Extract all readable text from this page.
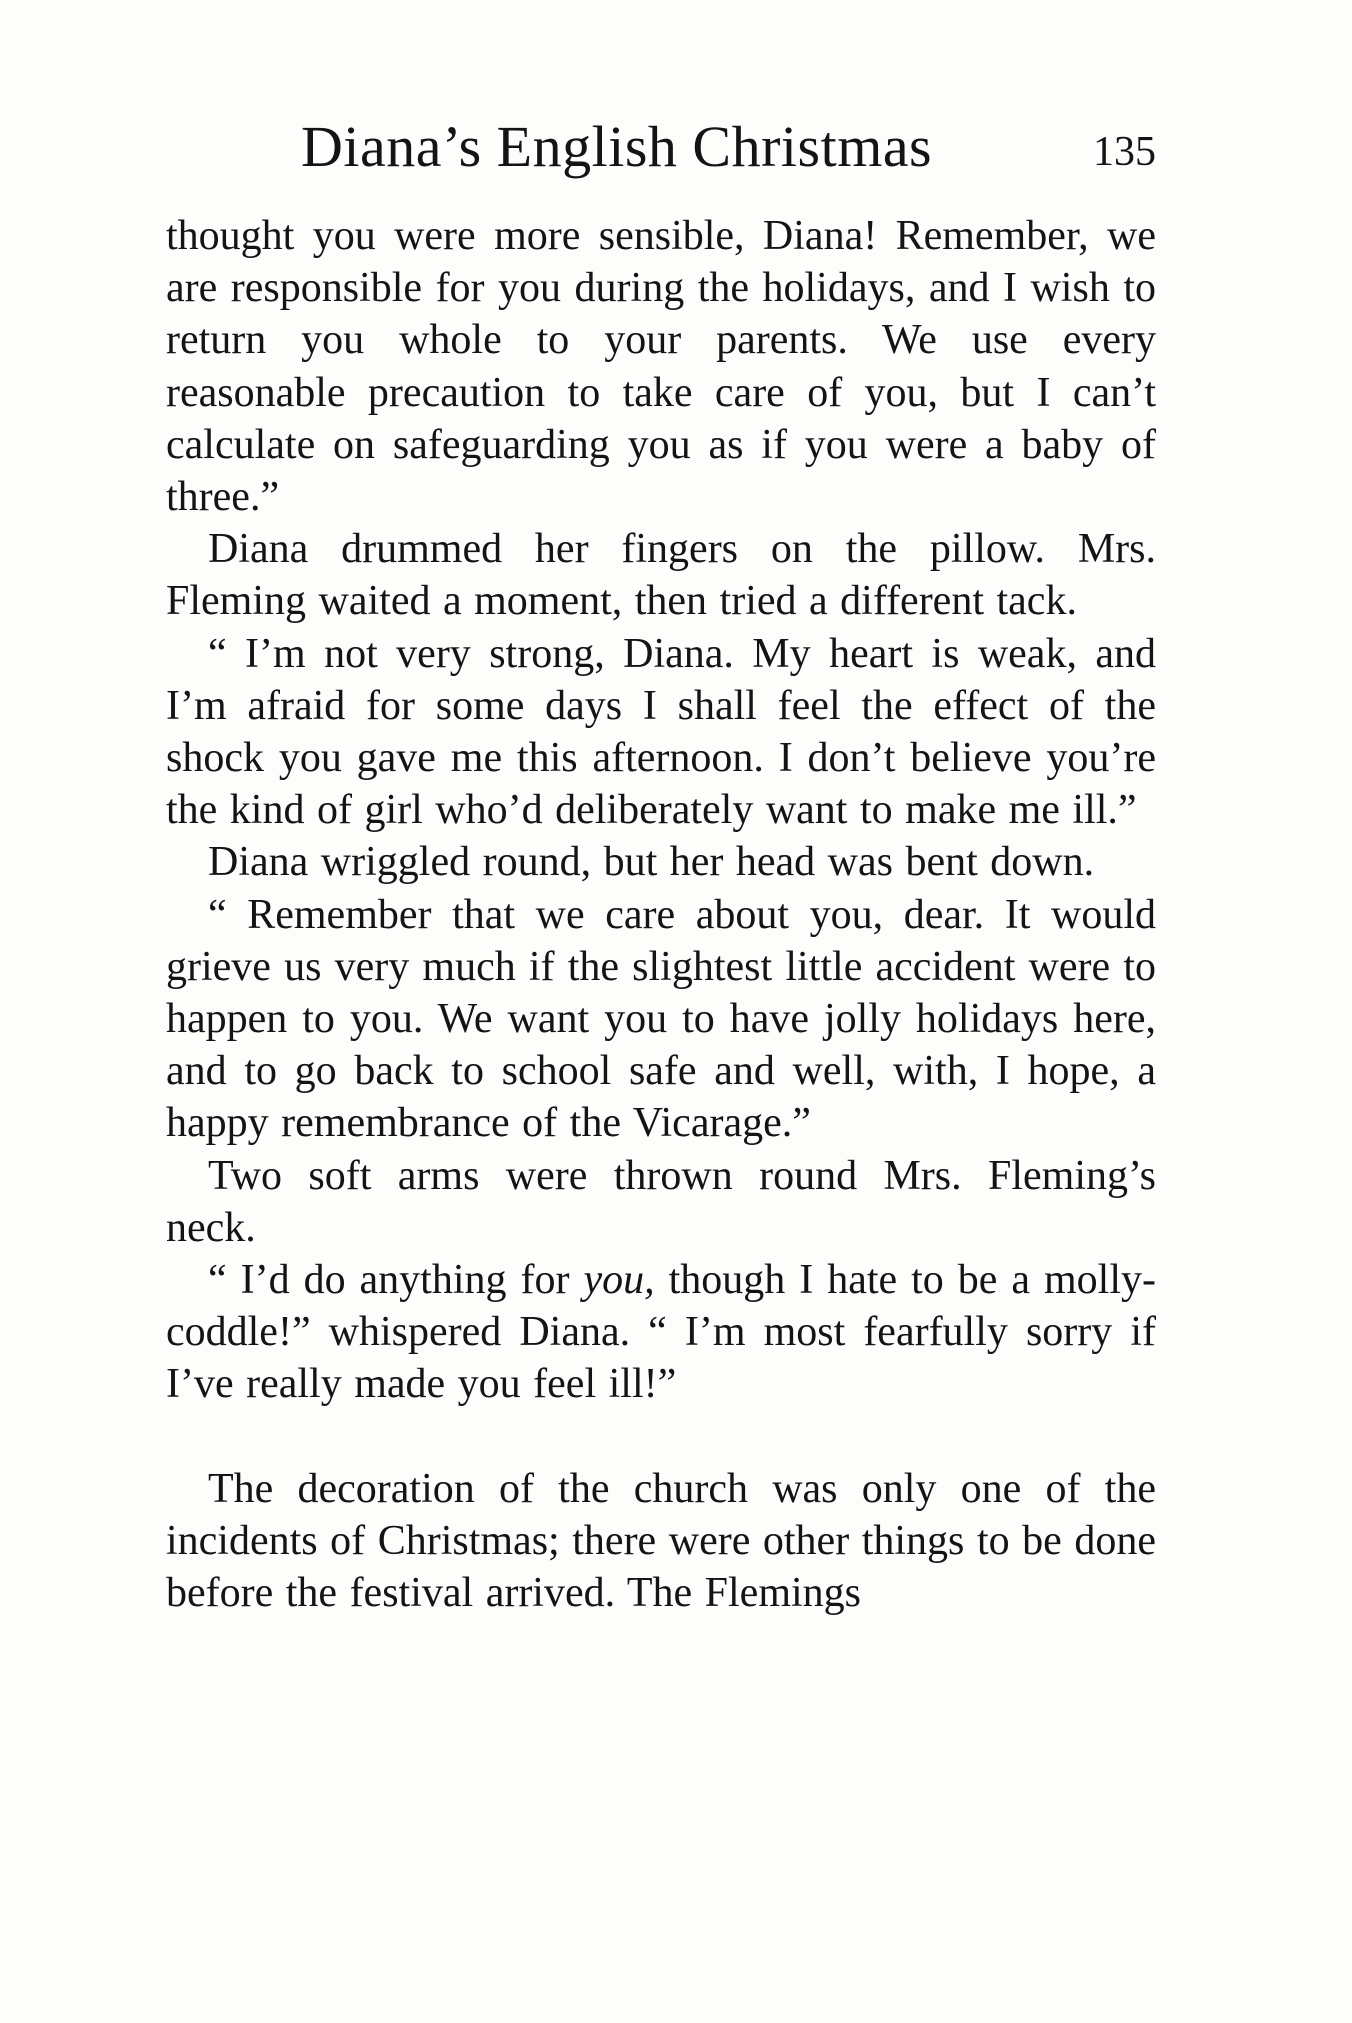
Diana’s English Christmas	135

thought you were more sensible, Diana! Remember, we are responsible for you during the holidays, and I wish to return you whole to your parents. We use every reasonable precaution to take care of you, but I can’t calculate on safeguarding you as if you were a baby of three.”

Diana drummed her fingers on the pillow. Mrs. Fleming waited a moment, then tried a different tack.

“ I’m not very strong, Diana. My heart is weak, and I’m afraid for some days I shall feel the effect of the shock you gave me this afternoon. I don’t believe you’re the kind of girl who’d deliberately want to make me ill.”

Diana wriggled round, but her head was bent down.

“ Remember that we care about you, dear. It would grieve us very much if the slightest little accident were to happen to you. We want you to have jolly holidays here, and to go back to school safe and well, with, I hope, a happy remembrance of the Vicarage.”

Two soft arms were thrown round Mrs. Fleming’s neck.

“ I’d do anything for you, though I hate to be a molly-coddle!” whispered Diana. “ I’m most fearfully sorry if I’ve really made you feel ill!”

The decoration of the church was only one of the incidents of Christmas; there were other things to be done before the festival arrived. The Flemings
